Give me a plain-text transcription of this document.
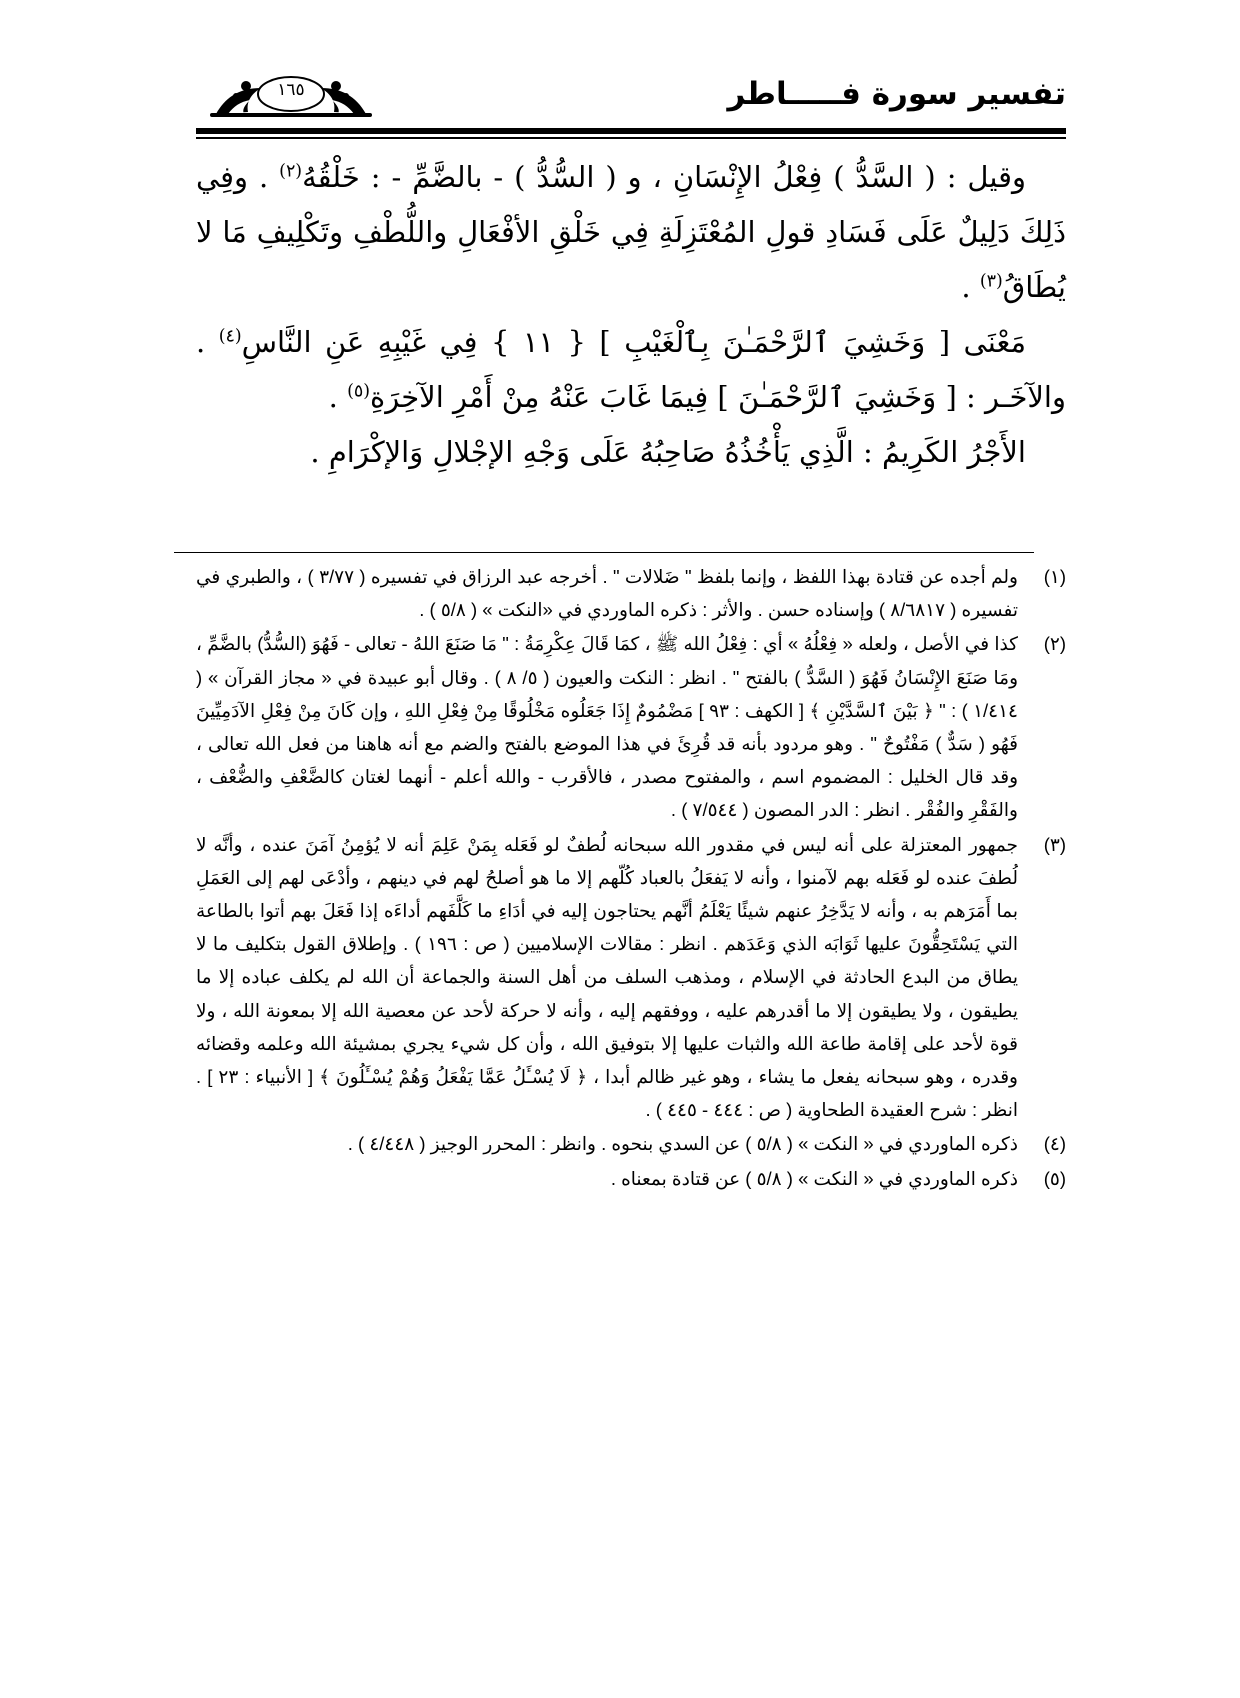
تفسير سورة فـــــاطر
١٦٥

وقيل : ( السَّدُّ ) فِعْلُ الإِنْسَانِ ، و ( السُّدُّ ) - بالضَّمِّ - : خَلْقُهُ$^{(٢)}$ . وفِي ذَلِكَ دَلِيلٌ عَلَى فَسَادِ قولِ المُعْتَزِلَةِ فِي خَلْقِ الأفْعَالِ واللُّطْفِ وتَكْلِيفِ مَا لا يُطَاقُ$^{(٣)}$ .

مَعْنَى [ وَخَشِيَ ٱلرَّحْمَـٰنَ بِٱلْغَيْبِ ] { ١١ } فِي غَيْبِهِ عَنِ النَّاسِ$^{(٤)}$ . والآخَـر : [ وَخَشِيَ ٱلرَّحْمَـٰنَ ] فِيمَا غَابَ عَنْهُ مِنْ أَمْرِ الآخِرَةِ$^{(٥)}$ .

الأَجْرُ الكَرِيمُ : الَّذِي يَأْخُذُهُ صَاحِبُهُ عَلَى وَجْهِ الإجْلالِ وَالإكْرَامِ .

(١)
ولم أجده عن قتادة بهذا اللفظ ، وإنما بلفظ " ضَلالات " . أخرجه عبد الرزاق في تفسيره ( ٣/٧٧ ) ، والطبري في تفسيره ( ٨/٦٨١٧ ) وإسناده حسن . والأثر : ذكره الماوردي في «النكت » ( ٥/٨ ) .
(٢)
كذا في الأصل ، ولعله « فِعْلُهُ » أي : فِعْلُ الله ﷺ ، كمَا قَالَ عِكْرِمَةُ : " مَا صَنَعَ اللهُ - تعالى - فَهُوَ (السُّدُّ) بالضَّمِّ ، ومَا صَنَعَ الإِنْسَانُ فَهُوَ ( السَّدُّ ) بالفتح " . انظر : النكت والعيون ( ٥/ ٨ ) . وقال أبو عبيدة في « مجاز القرآن » ( ١/٤١٤ ) : " ﴿ بَيْنَ ٱلسَّدَّيْنِ ﴾ [ الكهف : ٩٣ ] مَضْمُومٌ إِذَا جَعَلُوه مَخْلُوقًا مِنْ فِعْلِ اللهِ ، وإن كَانَ مِنْ فِعْلِ الآدَمِيِّينَ فَهُو ( سَدٌّ ) مَفْتُوحٌ " . وهو مردود بأنه قد قُرِئَ في هذا الموضع بالفتح والضم مع أنه هاهنا من فعل الله تعالى ، وقد قال الخليل : المضموم اسم ، والمفتوح مصدر ، فالأقرب - والله أعلم - أنهما لغتان كالضَّعْفِ والضُّعْف ، والفَقْرِ والفُقْر . انظر : الدر المصون ( ٧/٥٤٤ ) .
(٣)
جمهور المعتزلة على أنه ليس في مقدور الله سبحانه لُطفٌ لو فَعَله بِمَنْ عَلِمَ أنه لا يُؤمِنُ آمَنَ عنده ، وأنَّه لا لُطفَ عنده لو فَعَله بهم لآمنوا ، وأنه لا يَفعَلُ بالعباد كُلّهم إلا ما هو أصلحُ لهم في دينهم ، وأدْعَى لهم إلى العَمَلِ بما أَمَرَهم به ، وأنه لا يَدَّخِرُ عنهم شيئًا يَعْلَمُ أنَّهم يحتاجون إليه في أدَاءِ ما كَلَّفَهم أداءَه إذا فَعَلَ بهم أتوا بالطاعة التي يَسْتَحِقُّونَ عليها ثَوَابَه الذي وَعَدَهم . انظر : مقالات الإسلاميين ( ص : ١٩٦ ) . وإطلاق القول بتكليف ما لا يطاق من البدع الحادثة في الإسلام ، ومذهب السلف من أهل السنة والجماعة أن الله لم يكلف عباده إلا ما يطيقون ، ولا يطيقون إلا ما أقدرهم عليه ، ووفقهم إليه ، وأنه لا حركة لأحد عن معصية الله إلا بمعونة الله ، ولا قوة لأحد على إقامة طاعة الله والثبات عليها إلا بتوفيق الله ، وأن كل شيء يجري بمشيئة الله وعلمه وقضائه وقدره ، وهو سبحانه يفعل ما يشاء ، وهو غير ظالم أبدا ، ﴿ لَا يُسْـَٔلُ عَمَّا يَفْعَلُ وَهُمْ يُسْـَٔلُونَ ﴾ [ الأنبياء : ٢٣ ] . انظر : شرح العقيدة الطحاوية ( ص : ٤٤٤ - ٤٤٥ ) .
(٤)
ذكره الماوردي في « النكت » ( ٥/٨ ) عن السدي بنحوه . وانظر : المحرر الوجيز ( ٤/٤٤٨ ) .
(٥)
ذكره الماوردي في « النكت » ( ٥/٨ ) عن قتادة بمعناه .
